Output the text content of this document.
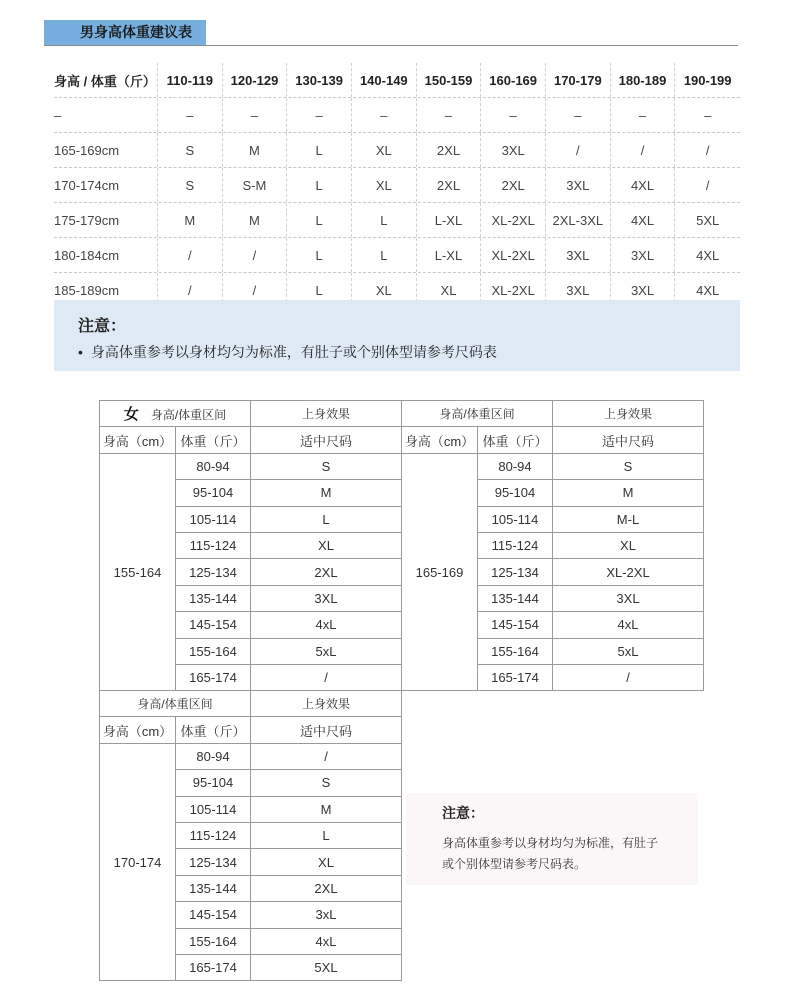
男身高体重建议表
身高 / 体重（斤） 110-119	120-129	130-139	140-149	150-159	160-169	170-179	180-189	190-199
–	–	–	–	–	–	–	–	–	–
165-169cm	S	M	L	XL	2XL	3XL	/	/	/
170-174cm	S	S-M	L	XL	2XL	2XL	3XL	4XL	/
175-179cm	M	M	L	L	L-XL	XL-2XL	2XL-3XL	4XL	5XL
180-184cm	/	/	L	L	L-XL	XL-2XL	3XL	3XL	4XL
185-189cm	/	/	L	XL	XL	XL-2XL	3XL	3XL	4XL
注意：
• 身高体重参考以身材均匀为标准，有肚子或个别体型请参考尺码表
女 身高/体重区间		上身效果	身高/体重区间		上身效果
身高（cm）	体重（斤）	适中尺码	身高（cm）	体重（斤）	适中尺码
155-164	80-94	S	165-169	80-94	S
	95-104	M		95-104	M
	105-114	L		105-114	M-L
	115-124	XL		115-124	XL
	125-134	2XL		125-134	XL-2XL
	135-144	3XL		135-144	3XL
	145-154	4xL		145-154	4xL
	155-164	5xL		155-164	5xL
	165-174	/		165-174	/
身高/体重区间		上身效果
身高（cm）	体重（斤）	适中尺码
170-174	80-94	/
	95-104	S
	105-114	M
	115-124	L
	125-134	XL
	135-144	2XL
	145-154	3xL
	155-164	4xL
	165-174	5XL
注意：
身高体重参考以身材均匀为标准，有肚子
或个别体型请参考尺码表。
